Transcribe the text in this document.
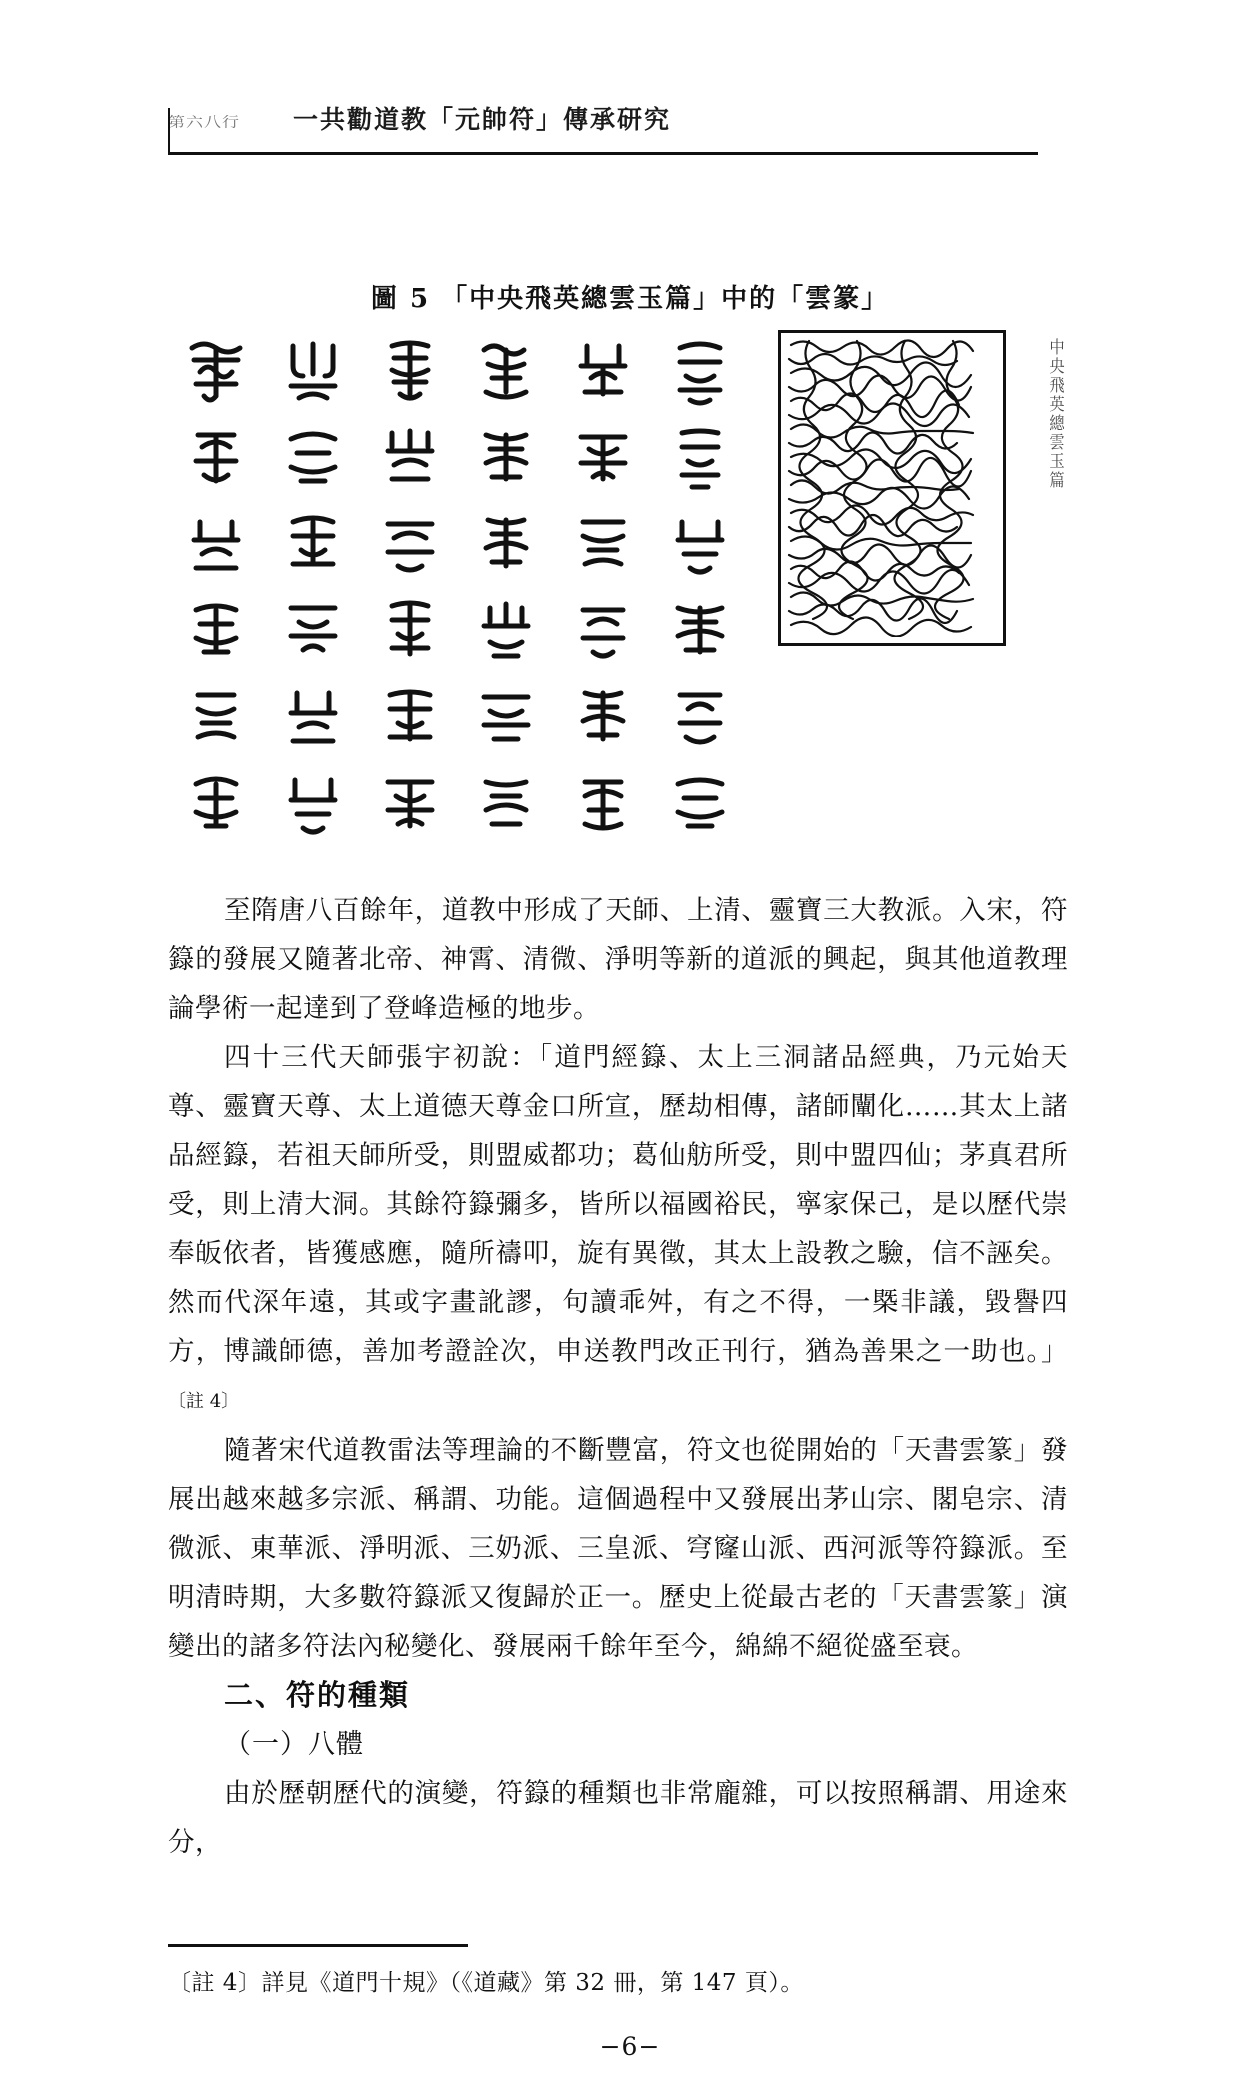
第六八行 一共勸道教「元帥符」傳承研究
圖 5 「中央飛英總雲玉篇」中的「雲篆」
中央飛英總雲玉篇

至隋唐八百餘年，道教中形成了天師、上清、靈寶三大教派。入宋，符籙的發展又隨著北帝、神霄、清微、淨明等新的道派的興起，與其他道教理論學術一起達到了登峰造極的地步。

四十三代天師張宇初說：「道門經籙、太上三洞諸品經典，乃元始天尊、靈寶天尊、太上道德天尊金口所宣，歷劫相傳，諸師闡化……其太上諸品經籙，若祖天師所受，則盟威都功；葛仙舫所受，則中盟四仙；茅真君所受，則上清大洞。其餘符籙彌多，皆所以福國裕民，寧家保己，是以歷代崇奉皈依者，皆獲感應，隨所禱叩，旋有異徵，其太上設教之驗，信不誣矣。然而代深年遠，其或字畫訛謬，句讀乖舛，有之不得，一槩非議，毀譽四方，博識師德，善加考證詮次，申送教門改正刊行，猶為善果之一助也。」〔註 4〕

隨著宋代道教雷法等理論的不斷豐富，符文也從開始的「天書雲篆」發展出越來越多宗派、稱謂、功能。這個過程中又發展出茅山宗、閣皂宗、清微派、東華派、淨明派、三奶派、三皇派、穹窿山派、西河派等符籙派。至明清時期，大多數符籙派又復歸於正一。歷史上從最古老的「天書雲篆」演變出的諸多符法內秘變化、發展兩千餘年至今，綿綿不絕從盛至衰。

二、符的種類

（一）八體

由於歷朝歷代的演變，符籙的種類也非常龐雜，可以按照稱謂、用途來分，

〔註 4〕詳見《道門十規》（《道藏》第 32 冊，第 147 頁）。
−6−
